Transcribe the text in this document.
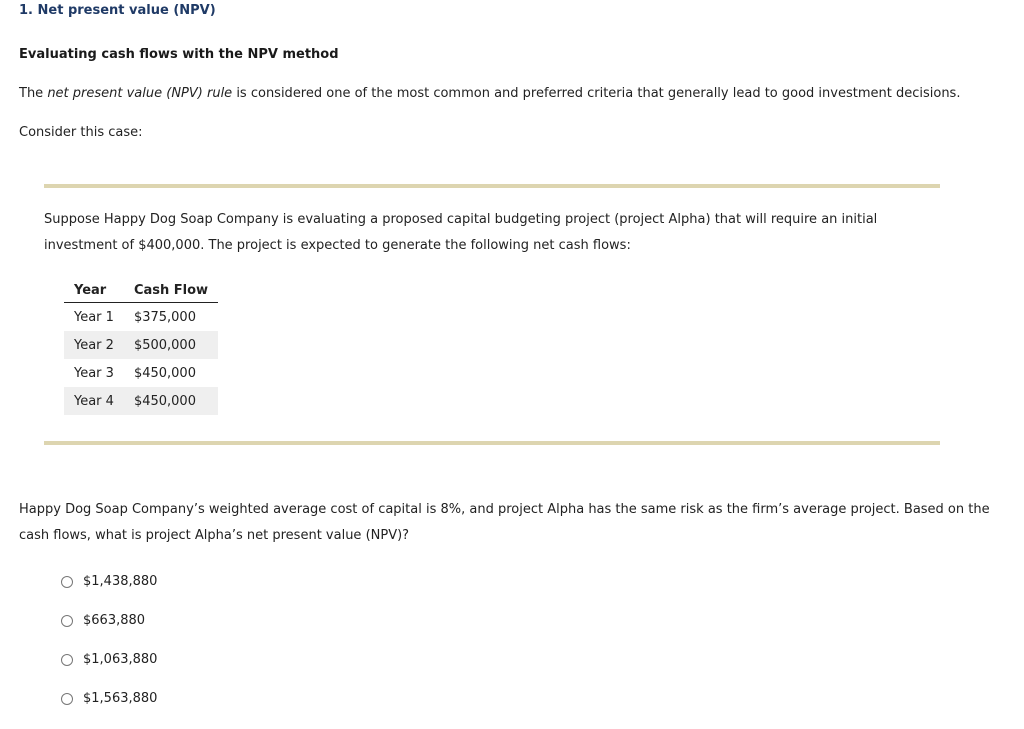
1. Net present value (NPV)
Evaluating cash flows with the NPV method
The net present value (NPV) rule is considered one of the most common and preferred criteria that generally lead to good investment decisions.
Consider this case:
Suppose Happy Dog Soap Company is evaluating a proposed capital budgeting project (project Alpha) that will require an initial investment of $400,000. The project is expected to generate the following net cash flows:
Year	Cash Flow
Year 1	$375,000
Year 2	$500,000
Year 3	$450,000
Year 4	$450,000
Happy Dog Soap Company’s weighted average cost of capital is 8%, and project Alpha has the same risk as the firm’s average project. Based on the cash flows, what is project Alpha’s net present value (NPV)?
$1,438,880
$663,880
$1,063,880
$1,563,880
